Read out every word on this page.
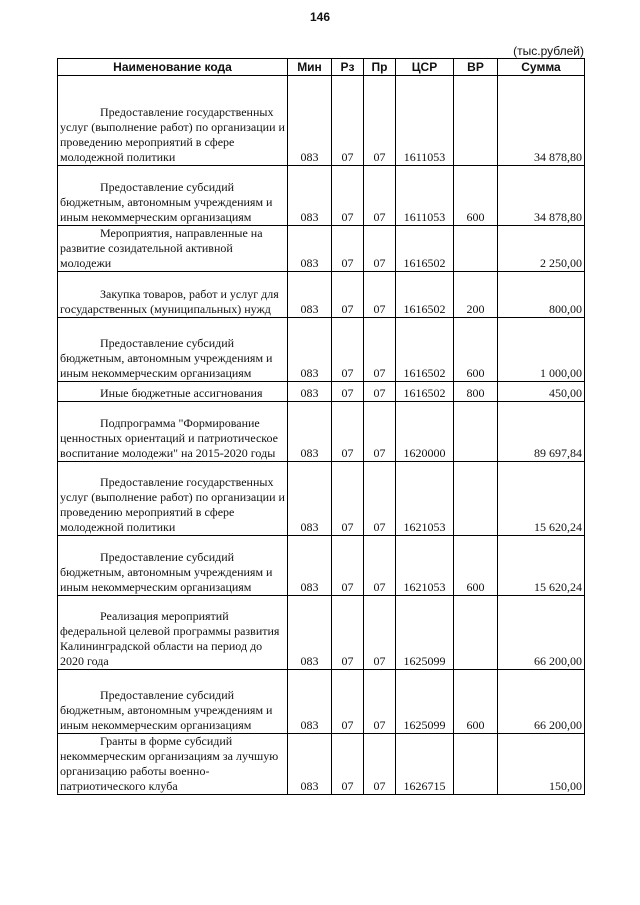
146
(тыс.рублей)
Наименование кода	Мин	Рз	Пр	ЦСР	ВР	Сумма

Предоставление государственных услуг (выполнение работ) по организации и проведению мероприятий в сфере молодежной политики	083	07	07	1611053		34 878,80

Предоставление субсидий бюджетным, автономным учреждениям и иным некоммерческим организациям	083	07	07	1611053	600	34 878,80

Мероприятия, направленные на развитие созидательной активной молодежи	083	07	07	1616502		2 250,00

Закупка товаров, работ и услуг для государственных (муниципальных) нужд	083	07	07	1616502	200	800,00

Предоставление субсидий бюджетным, автономным учреждениям и иным некоммерческим организациям	083	07	07	1616502	600	1 000,00

Иные бюджетные ассигнования	083	07	07	1616502	800	450,00

Подпрограмма "Формирование ценностных ориентаций и патриотическое воспитание молодежи" на 2015-2020 годы	083	07	07	1620000		89 697,84

Предоставление государственных услуг (выполнение работ) по организации и проведению мероприятий в сфере молодежной политики	083	07	07	1621053		15 620,24

Предоставление субсидий бюджетным, автономным учреждениям и иным некоммерческим организациям	083	07	07	1621053	600	15 620,24

Реализация мероприятий федеральной целевой программы развития Калининградской области на период до 2020 года	083	07	07	1625099		66 200,00

Предоставление субсидий бюджетным, автономным учреждениям и иным некоммерческим организациям	083	07	07	1625099	600	66 200,00

Гранты в форме субсидий некоммерческим организациям за лучшую организацию работы военно-патриотического клуба	083	07	07	1626715		150,00
